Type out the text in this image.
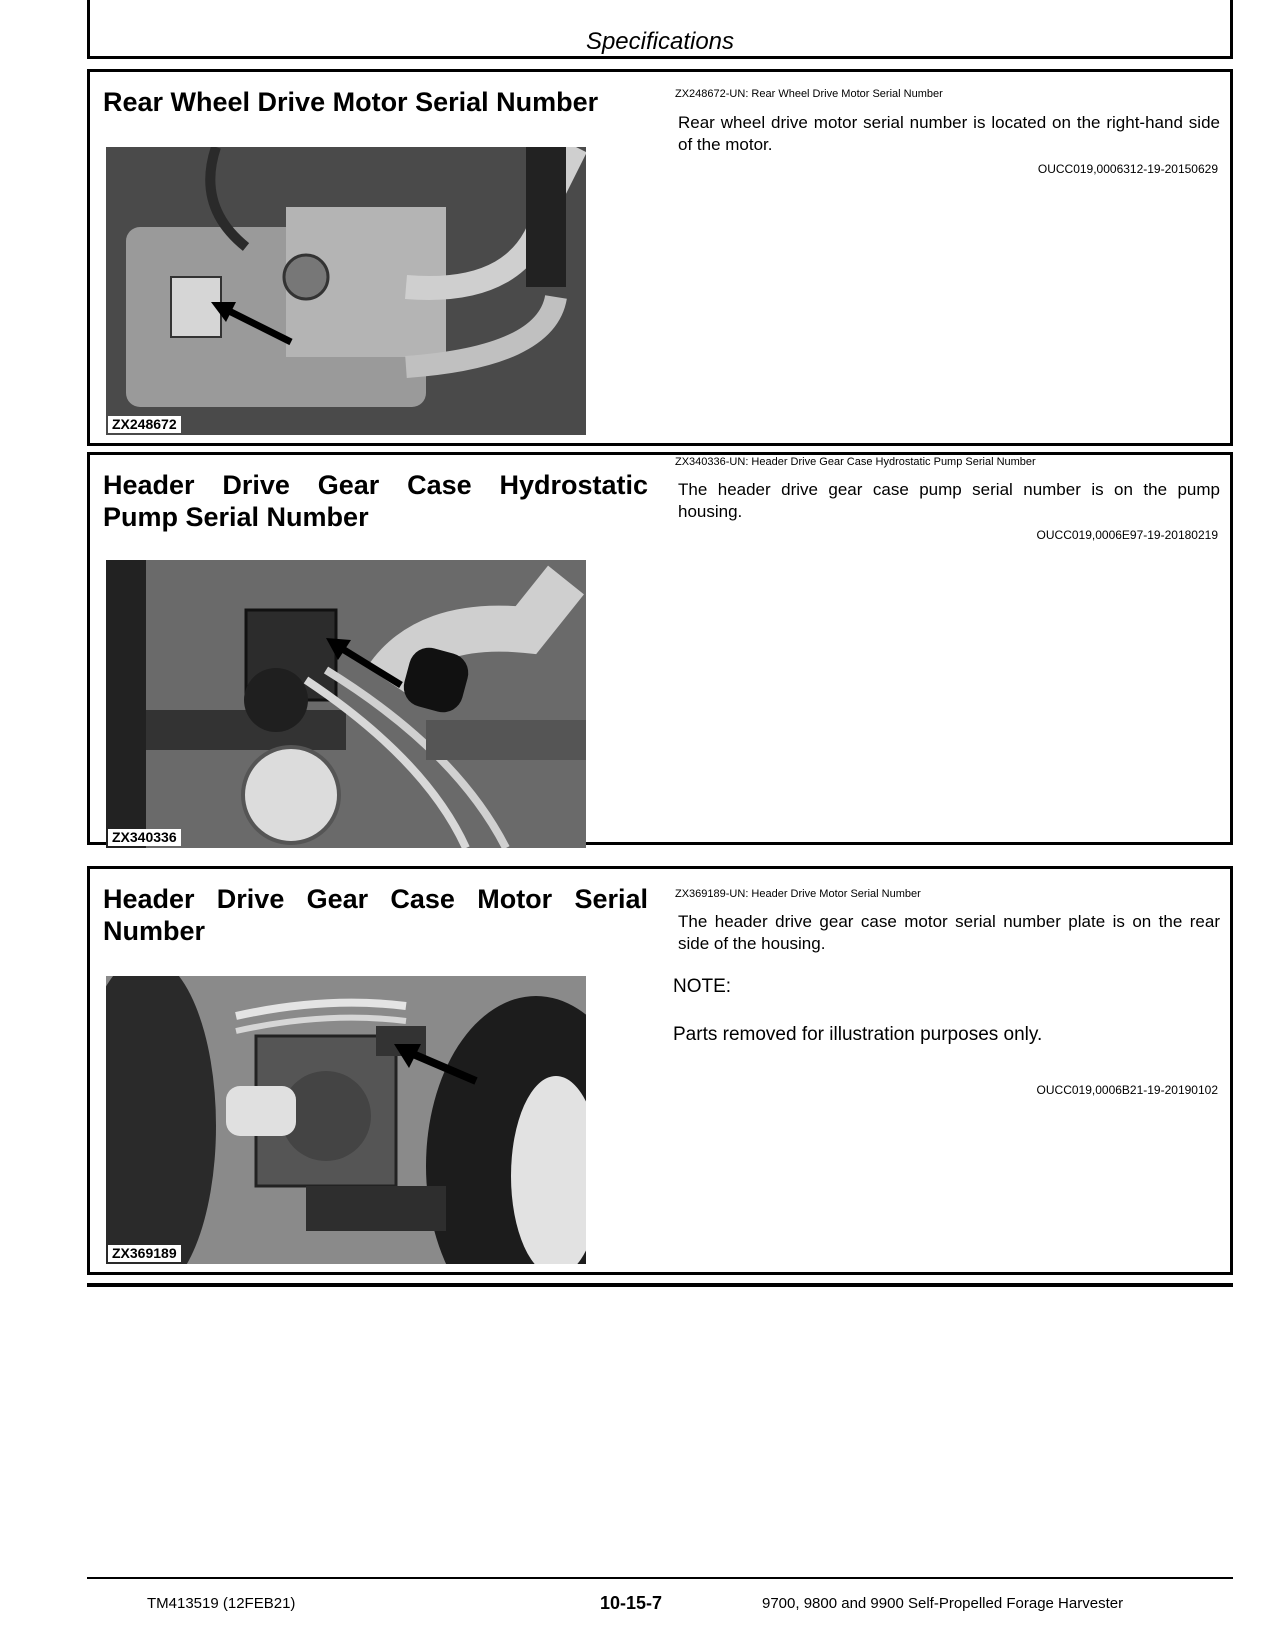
Specifications
Rear Wheel Drive Motor Serial Number
ZX248672
ZX248672-UN: Rear Wheel Drive Motor Serial Number
Rear wheel drive motor serial number is located on the right-hand side of the motor.
OUCC019,0006312-19-20150629
Header Drive Gear Case Hydrostatic Pump Serial Number
ZX340336
ZX340336-UN: Header Drive Gear Case Hydrostatic Pump Serial Number
The header drive gear case pump serial number is on the pump housing.
OUCC019,0006E97-19-20180219
Header Drive Gear Case Motor Serial Number
ZX369189
ZX369189-UN: Header Drive Motor Serial Number
The header drive gear case motor serial number plate is on the rear side of the housing.
NOTE:
Parts removed for illustration purposes only.
OUCC019,0006B21-19-20190102
TM413519 (12FEB21)	10-15-7	9700, 9800 and 9900 Self-Propelled Forage Harvester
